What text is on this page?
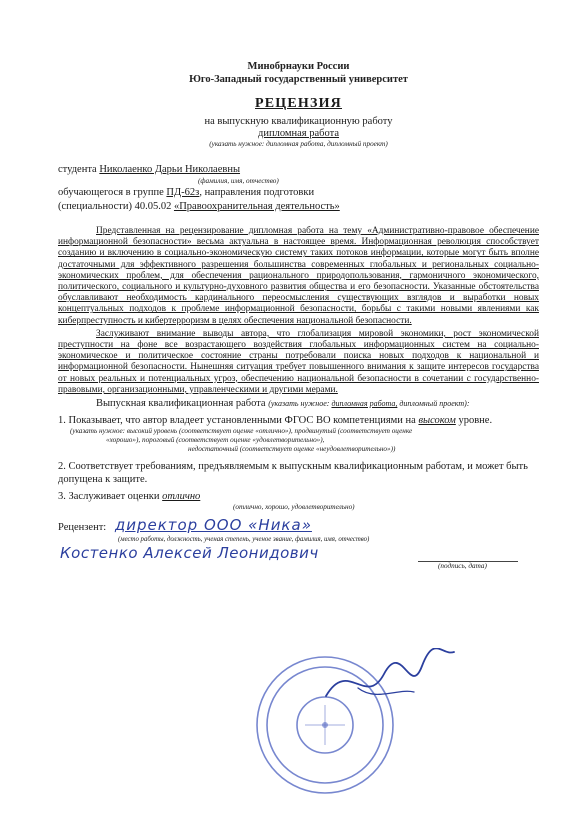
Минобрнауки России
Юго-Западный государственный университет
РЕЦЕНЗИЯ
на выпускную квалификационную работу
дипломная работа
(указать нужное: дипломная работа, дипломный проект)
студента Николаенко Дарьи Николаевны
(фамилия, имя, отчество)
обучающегося в группе ПД-62з, направления подготовки
(специальности) 40.05.02 «Правоохранительная деятельность»

Представленная на рецензирование дипломная работа на тему «Административно-правовое обеспечение информационной безопасности» весьма актуальна в настоящее время. Информационная революция способствует созданию и включению в социально-экономическую систему таких потоков информации, которые могут быть вполне достаточными для эффективного разрешения большинства современных глобальных и региональных социально-экономических проблем, для обеспечения рационального природопользования, гармоничного экономического, политического, социального и культурно-духовного развития общества и его безопасности. Указанные обстоятельства обуславливают необходимость кардинального переосмысления существующих взглядов и выработки новых концептуальных подходов к проблеме информационной безопасности, борьбы с такими новыми явлениями как киберпреступность и кибертерроризм в целях обеспечения национальной безопасности.

Заслуживают внимание выводы автора, что глобализация мировой экономики, рост экономической преступности на фоне все возрастающего воздействия глобальных информационных систем на социально-экономическое и политическое состояние страны потребовали поиска новых подходов к национальной и информационной безопасности. Нынешняя ситуация требует повышенного внимания к защите интересов государства от новых реальных и потенциальных угроз, обеспечению национальной безопасности в сочетании с государственно-правовыми, организационными, управленческими и другими мерами.

Выпускная квалификационная работа (указать нужное: дипломная работа, дипломный проект):

1. Показывает, что автор владеет установленными ФГОС ВО компетенциями на высоком уровне.

(указать нужное: высокий уровень (соответствует оценке «отлично»), продвинутый (соответствует оценке
«хорошо»), пороговый (соответствует оценке «удовлетворительно»),
недостаточный (соответствует оценке «неудовлетворительно»))

2. Соответствует требованиям, предъявляемым к выпускным квалификационным работам, и может быть допущена к защите.

3. Заслуживает оценки отлично

(отлично, хорошо, удовлетворительно)
Рецензент: директор ООО «Ника»
(место работы, должность, ученая степень, ученое звание, фамилия, имя, отчество)
Костенко Алексей Леонидович
(подпись, дата)
